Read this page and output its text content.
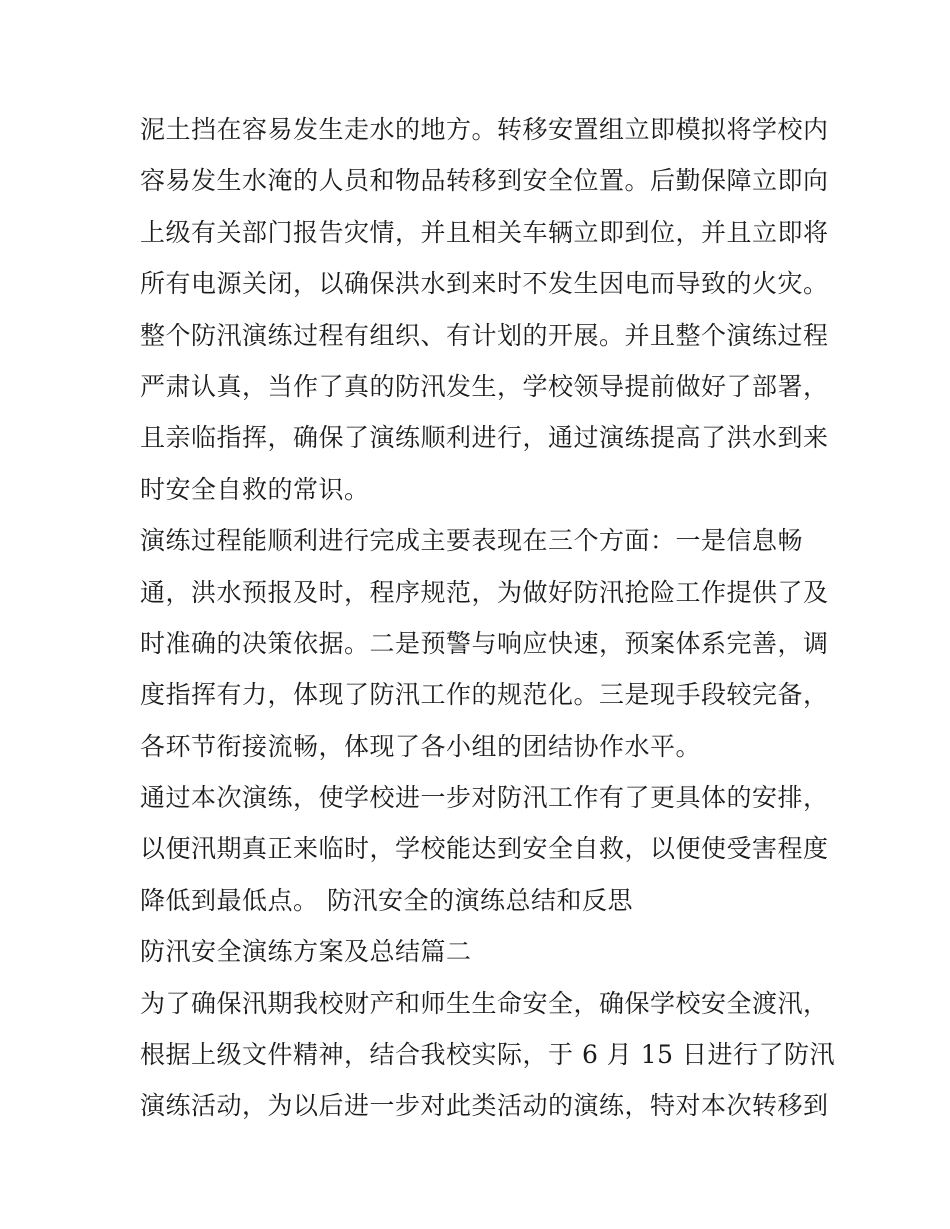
泥土挡在容易发生走水的地方。转移安置组立即模拟将学校内
容易发生水淹的人员和物品转移到安全位置。后勤保障立即向
上级有关部门报告灾情，并且相关车辆立即到位，并且立即将
所有电源关闭，以确保洪水到来时不发生因电而导致的火灾。
整个防汛演练过程有组织、有计划的开展。并且整个演练过程
严肃认真，当作了真的防汛发生，学校领导提前做好了部署，
且亲临指挥，确保了演练顺利进行，通过演练提高了洪水到来
时安全自救的常识。
演练过程能顺利进行完成主要表现在三个方面：一是信息畅
通，洪水预报及时，程序规范，为做好防汛抢险工作提供了及
时准确的决策依据。二是预警与响应快速，预案体系完善，调
度指挥有力，体现了防汛工作的规范化。三是现手段较完备，
各环节衔接流畅，体现了各小组的团结协作水平。
通过本次演练，使学校进一步对防汛工作有了更具体的安排，
以便汛期真正来临时，学校能达到安全自救，以便使受害程度
降低到最低点。 防汛安全的演练总结和反思
防汛安全演练方案及总结篇二
为了确保汛期我校财产和师生生命安全，确保学校安全渡汛，
根据上级文件精神，结合我校实际，于 6 月 15 日进行了防汛
演练活动，为以后进一步对此类活动的演练，特对本次转移到
